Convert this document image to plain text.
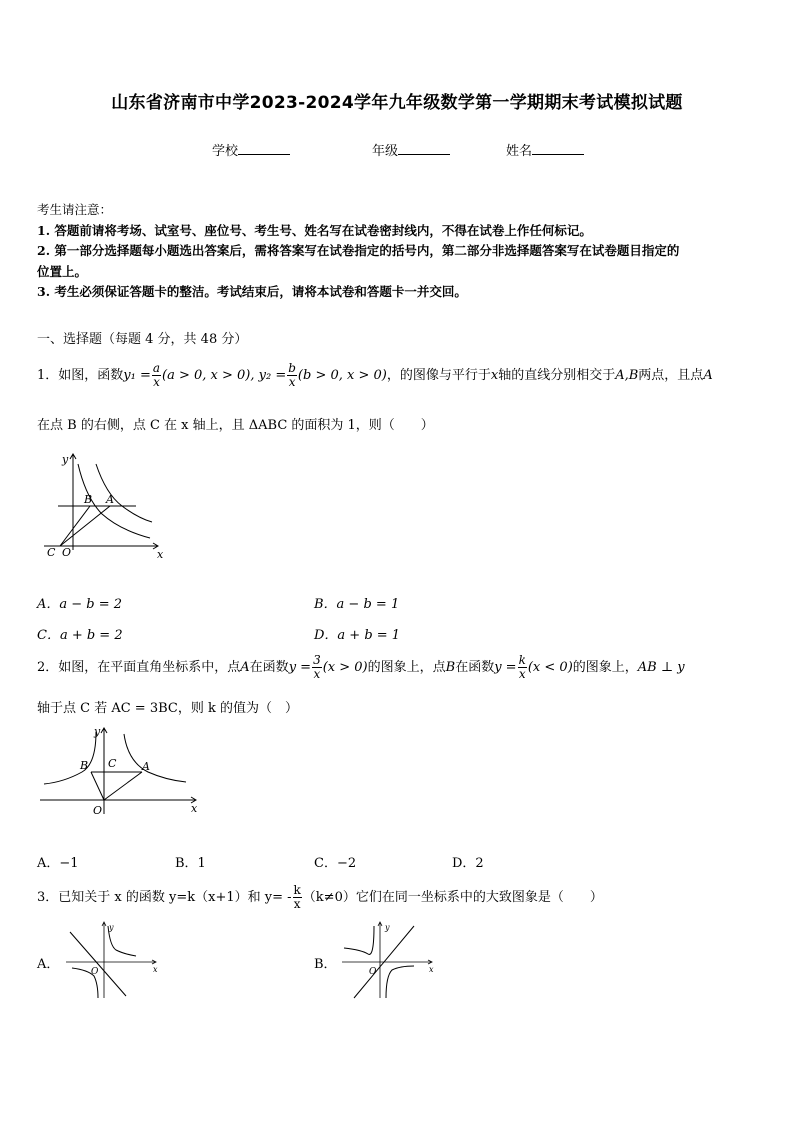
山东省济南市中学2023-2024学年九年级数学第一学期期末考试模拟试题
学校	年级	姓名

考生请注意：

1. 答题前请将考场、试室号、座位号、考生号、姓名写在试卷密封线内，不得在试卷上作任何标记。

2. 第一部分选择题每小题选出答案后，需将答案写在试卷指定的括号内，第二部分非选择题答案写在试卷题目指定的

位置上。

3. 考生必须保证答题卡的整洁。考试结束后，请将本试卷和答题卡一并交回。

一、选择题（每题 4 分，共 48 分）
1．如图，函数$y_1 = \frac{a}{x} (a > 0$, x > 0), $y_2 = \frac{b}{x} (b > 0$, x > 0)，的图像与平行于x轴的直线分别相交于A,B两点，且点A
在点 B 的右侧，点 C 在 x 轴上，且 ΔABC 的面积为 1，则（　　）
y
x
B A
C O
A．a − b = 2	B．a − b = 1
C．a + b = 2	D．a + b = 1
2．如图，在平面直角坐标系中，点A在函数$y = \frac{3}{x} (x > 0)$的图象上，点B在函数$y = \frac{k}{x} (x < 0)$的图象上，AB ⊥ y
轴于点 C 若 AC = 3BC，则 k 的值为（　）
y
x
B C A
O
A．−1	B．1	C．−2	D．2
3．已知关于 x 的函数 y=k（x+1）和 $y= - \frac{k}{x} (k\ne 0)$它们在同一坐标系中的大致图象是（　　）
A．
y
x
O	B．
y
x
O
